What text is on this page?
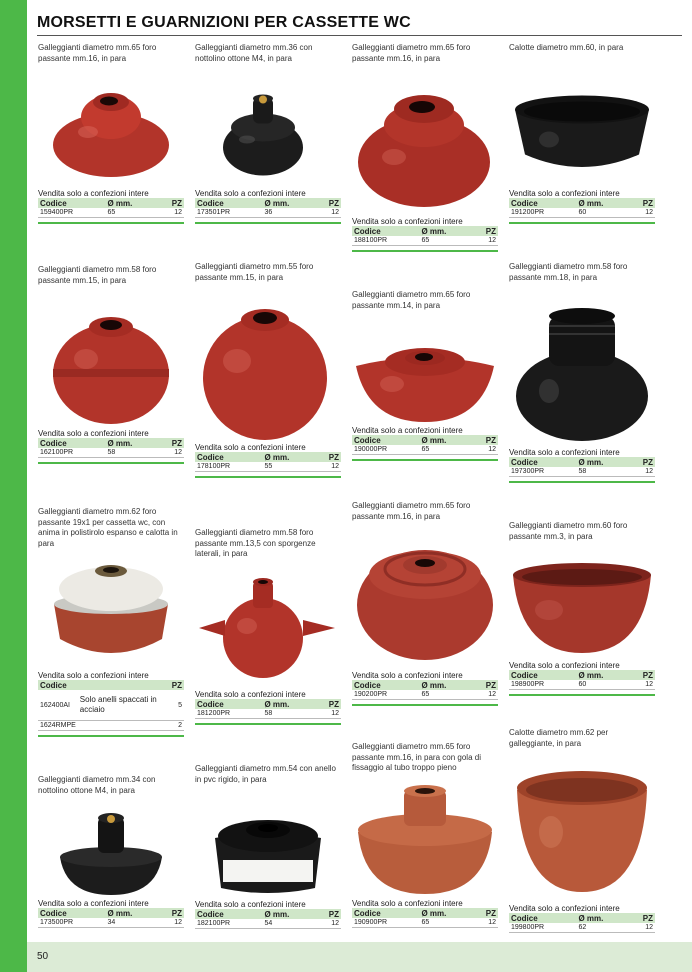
MORSETTI E GUARNIZIONI PER CASSETTE WC
Galleggianti diametro mm.65 foro passante mm.16, in para
Vendita solo a confezioni intere
Codice	Ø mm.	PZ
159400PR	65	12
Galleggianti diametro mm.36 con nottolino ottone M4, in para
Vendita solo a confezioni intere
Codice	Ø mm.	PZ
173501PR	36	12
Galleggianti diametro mm.65 foro passante mm.16, in para
Vendita solo a confezioni intere
Codice	Ø mm.	PZ
188100PR	65	12
Calotte diametro mm.60, in para
Vendita solo a confezioni intere
Codice	Ø mm.	PZ
191200PR	60	12
Galleggianti diametro mm.58 foro passante mm.15, in para
Vendita solo a confezioni intere
Codice	Ø mm.	PZ
162100PR	58	12
Galleggianti diametro mm.55 foro passante mm.15, in para
Vendita solo a confezioni intere
Codice	Ø mm.	PZ
178100PR	55	12
Galleggianti diametro mm.65 foro passante mm.14, in para
Vendita solo a confezioni intere
Codice	Ø mm.	PZ
190000PR	65	12
Galleggianti diametro mm.58 foro passante mm.18, in para
Vendita solo a confezioni intere
Codice	Ø mm.	PZ
197300PR	58	12
Galleggianti diametro mm.62 foro passante 19x1 per cassetta wc, con anima in polistirolo espanso e calotta in para
Vendita solo a confezioni intere
Codice		PZ
162400AI	Solo anelli spaccati in acciaio	5
1624RMPE		2
Galleggianti diametro mm.58 foro passante mm.13,5 con sporgenze laterali, in para
Vendita solo a confezioni intere
Codice	Ø mm.	PZ
181200PR	58	12
Galleggianti diametro mm.65 foro passante mm.16, in para
Vendita solo a confezioni intere
Codice	Ø mm.	PZ
190200PR	65	12
Galleggianti diametro mm.60 foro passante mm.3, in para
Vendita solo a confezioni intere
Codice	Ø mm.	PZ
198900PR	60	12
Galleggianti diametro mm.34 con nottolino ottone M4, in para
Vendita solo a confezioni intere
Codice	Ø mm.	PZ
173500PR	34	12
Galleggianti diametro mm.54 con anello in pvc rigido, in para
Vendita solo a confezioni intere
Codice	Ø mm.	PZ
182100PR	54	12
Galleggianti diametro mm.65 foro passante mm.16, in para con gola di fissaggio al tubo troppo pieno
Vendita solo a confezioni intere
Codice	Ø mm.	PZ
190900PR	65	12
Calotte diametro mm.62 per galleggiante, in para
Vendita solo a confezioni intere
Codice	Ø mm.	PZ
199800PR	62	12
50
